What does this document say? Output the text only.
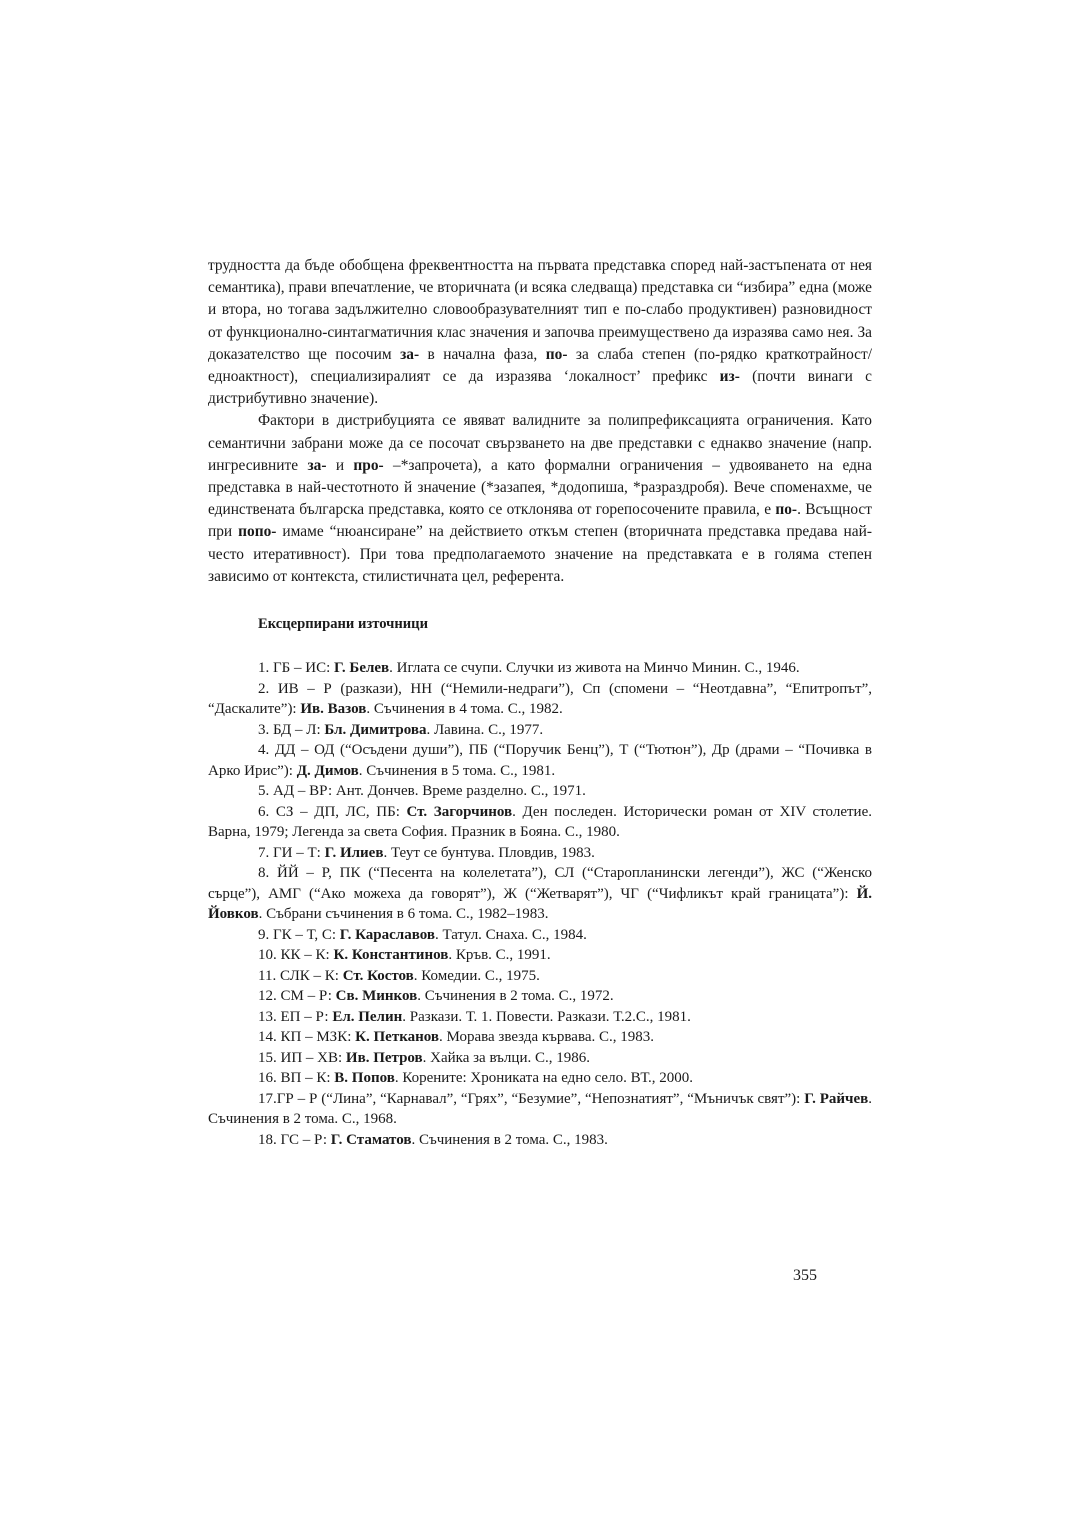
трудността да бъде обобщена фреквентността на първата представка според най-застъпената от нея семантика), прави впечатление, че вторичната (и всяка следваща) представка си “избира” една (може и втора, но тогава задължително словообразувателният тип е по-слабо продуктивен) разновидност от функционално-синтагматичния клас значения и започва преимуществено да изразява само нея. За доказателство ще посочим за- в начална фаза, по- за слаба степен (по-рядко краткотрайност/едноактност), специализиралият се да изразява ‘локалност’ префикс из- (почти винаги с дистрибутивно значение).

Фактори в дистрибуцията се явяват валидните за полипрефиксацията ограничения. Като семантични забрани може да се посочат свързването на две представки с еднакво значение (напр. ингресивните за- и про- –*запрочета), а като формални ограничения – удвояването на една представка в най-честотното й значение (*зазапея, *додопиша, *разраздробя). Вече споменахме, че единствената българска представка, която се отклонява от горепосочените правила, е по-. Всъщност при попо- имаме “нюансиране” на действието откъм степен (вторичната представка предава най-често итеративност). При това предполагаемото значение на представката е в голяма степен зависимо от контекста, стилистичната цел, референта.

Ексцерпирани източници

1. ГБ – ИС: Г. Белев. Иглата се счупи. Случки из живота на Минчо Минин. С., 1946.

2. ИВ – Р (разкази), НН (“Немили-недраги”), Сп (спомени – “Неотдавна”, “Епитропът”, “Даскалите”): Ив. Вазов. Съчинения в 4 тома. С., 1982.

3. БД – Л: Бл. Димитрова. Лавина. С., 1977.

4. ДД – ОД (“Осъдени души”), ПБ (“Поручик Бенц”), Т (“Тютюн”), Др (драми – “Почивка в Арко Ирис”): Д. Димов. Съчинения в 5 тома. С., 1981.

5. АД – ВР: Ант. Дончев. Време разделно. С., 1971.

6. СЗ – ДП, ЛС, ПБ: Ст. Загорчинов. Ден последен. Исторически роман от XIV столетие. Варна, 1979; Легенда за света София. Празник в Бояна. С., 1980.

7. ГИ – Т: Г. Илиев. Теут се бунтува. Пловдив, 1983.

8. ЙЙ – Р, ПК (“Песента на колелетата”), СЛ (“Старопланински легенди”), ЖС (“Женско сърце”), АМГ (“Ако можеха да говорят”), Ж (“Жетварят”), ЧГ (“Чифликът край границата”): Й. Йовков. Събрани съчинения в 6 тома. С., 1982–1983.

9. ГК – Т, С: Г. Караславов. Татул. Снаха. С., 1984.

10. КК – К: К. Константинов. Кръв. С., 1991.

11. СЛК – К: Ст. Костов. Комедии. С., 1975.

12. СМ – Р: Св. Минков. Съчинения в 2 тома. С., 1972.

13. ЕП – Р: Ел. Пелин. Разкази. Т. 1. Повести. Разкази. Т.2.С., 1981.

14. КП – МЗК: К. Петканов. Морава звезда кървава. С., 1983.

15. ИП – ХВ: Ив. Петров. Хайка за вълци. С., 1986.

16. ВП – К: В. Попов. Корените: Хрониката на едно село. ВТ., 2000.

17.ГР – Р (“Лина”, “Карнавал”, “Грях”, “Безумие”, “Непознатият”, “Мъничък свят”): Г. Райчев. Съчинения в 2 тома. С., 1968.

18. ГС – Р: Г. Стаматов. Съчинения в 2 тома. С., 1983.

355
